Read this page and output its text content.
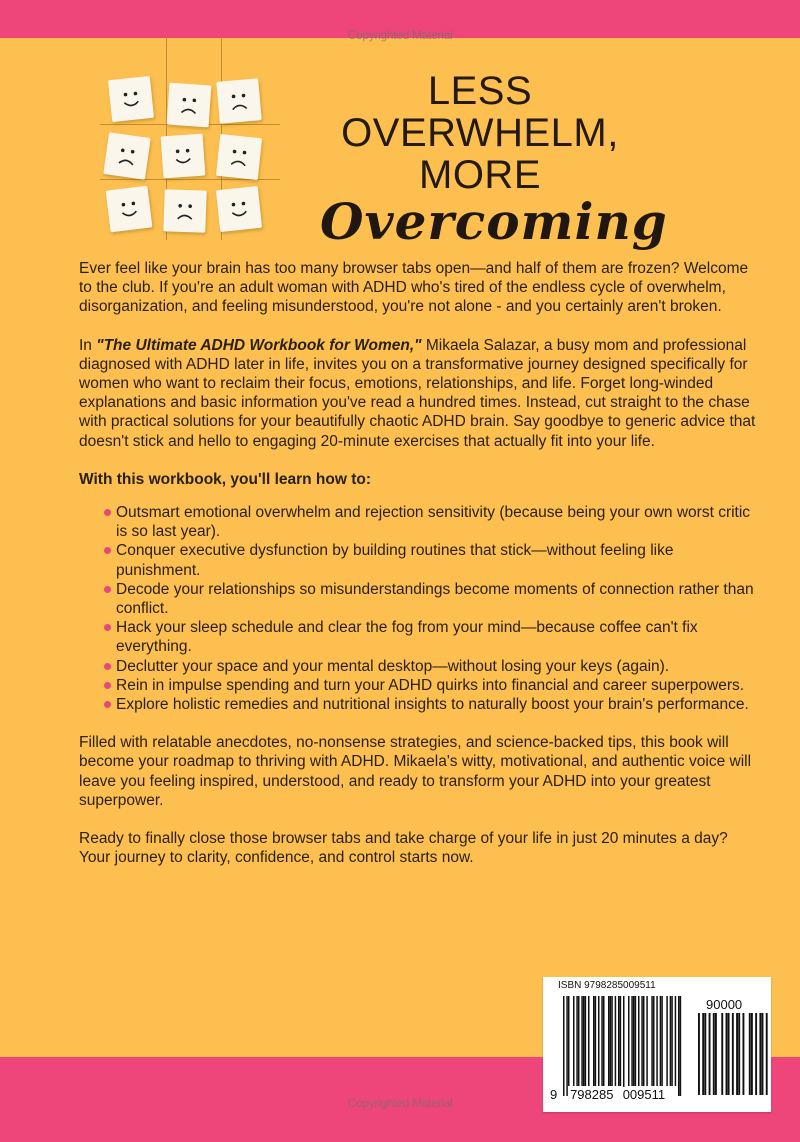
Copyrighted Material
LESS
OVERWHELM,
MORE
Overcoming

Ever feel like your brain has too many browser tabs open—and half of them are frozen? Welcome to the club. If you're an adult woman with ADHD who's tired of the endless cycle of overwhelm, disorganization, and feeling misunderstood, you're not alone - and you certainly aren't broken.

In "The Ultimate ADHD Workbook for Women," Mikaela Salazar, a busy mom and professional diagnosed with ADHD later in life, invites you on a transformative journey designed specifically for women who want to reclaim their focus, emotions, relationships, and life. Forget long-winded explanations and basic information you've read a hundred times. Instead, cut straight to the chase with practical solutions for your beautifully chaotic ADHD brain. Say goodbye to generic advice that doesn't stick and hello to engaging 20-minute exercises that actually fit into your life.

With this workbook, you'll learn how to:
Outsmart emotional overwhelm and rejection sensitivity (because being your own worst critic is so last year).
Conquer executive dysfunction by building routines that stick—without feeling like punishment.
Decode your relationships so misunderstandings become moments of connection rather than conflict.
Hack your sleep schedule and clear the fog from your mind—because coffee can't fix everything.
Declutter your space and your mental desktop—without losing your keys (again).
Rein in impulse spending and turn your ADHD quirks into financial and career superpowers.
Explore holistic remedies and nutritional insights to naturally boost your brain's performance.

Filled with relatable anecdotes, no-nonsense strategies, and science-backed tips, this book will become your roadmap to thriving with ADHD. Mikaela's witty, motivational, and authentic voice will leave you feeling inspired, understood, and ready to transform your ADHD into your greatest superpower.

Ready to finally close those browser tabs and take charge of your life in just 20 minutes a day? Your journey to clarity, confidence, and control starts now.

Copyrighted Material
ISBN 9798285009511
90000
9 798285 009511
